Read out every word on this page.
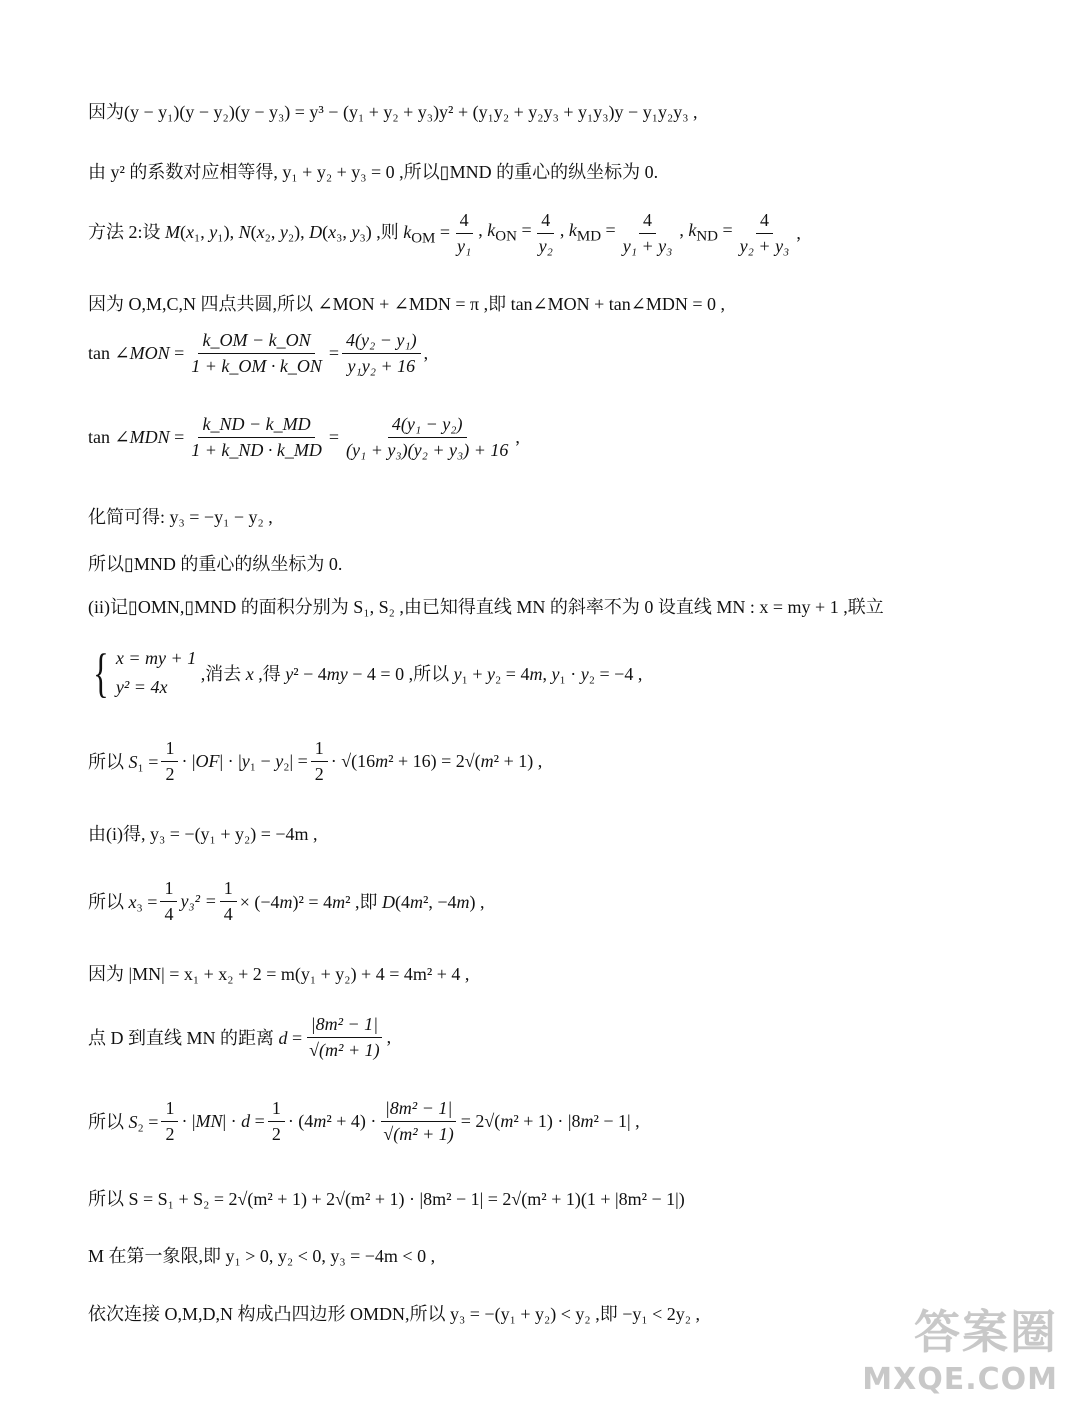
因为(y − y₁)(y − y₂)(y − y₃) = y³ − (y₁ + y₂ + y₃)y² + (y₁y₂ + y₂y₃ + y₁y₃)y − y₁y₂y₃ ,
由 y² 的系数对应相等得, y₁ + y₂ + y₃ = 0 ,所以▯MND 的重心的纵坐标为 0.
方法 2:设 M(x₁, y₁), N(x₂, y₂), D(x₃, y₃) ,则 $k_{OM} = \frac{4}{\text{y₁}}$ , $k_{ON} = \frac{4}{\text{y₂}}$ , $k_{MD} = \frac{4}{\text{y₁ + y₃}}$ , $k_{ND} = \frac{4}{\text{y₂ + y₃}}$ ,
因为 O,M,C,N 四点共圆,所以 ∠MON + ∠MDN = π ,即 tan∠MON + tan∠MDN = 0 ,
tan ∠MON = $\frac{k\_OM - k\_ON}{1 + k\_OM \cdot k\_ON} = \frac{\text{4(y₂ − y₁)}}{\text{y₁y₂ + 16}}$ ,
tan ∠MDN = $\frac{k\_ND - k\_MD}{1 + k\_ND \cdot k\_MD} = \frac{\text{4(y₁ − y₂)}}{\text{(y₁ + y₃)(y₂ + y₃) + 16}}$ ,
化简可得: y₃ = −y₁ − y₂ ,
所以▯MND 的重心的纵坐标为 0.
(ii)记▯OMN,▯MND 的面积分别为 S₁, S₂ ,由已知得直线 MN 的斜率不为 0 设直线 MN : x = my + 1 ,联立
{ x = my + 1
y² = 4x
,消去 x ,得 y² − 4my − 4 = 0 ,所以 y₁ + y₂ = 4m, y₁ · y₂ = −4 ,
所以 $S_1 = \frac{1}{2} \cdot |OF| \cdot |y_1 - y_2| = \frac{1}{2} \cdot √(16m^2 + 16) = 2√(m^2 + 1)$ ,
由(i)得, y₃ = −(y₁ + y₂) = −4m ,
所以 $x_3 = \frac{1}{4} y_3^2 = \frac{1}{4} \times (-4m)^2 = 4m^2$ ,即 D(4m², −4m) ,
因为 |MN| = x₁ + x₂ + 2 = m(y₁ + y₂) + 4 = 4m² + 4 ,
点 D 到直线 MN 的距离 $d = \frac{\text{|8m² − 1|}}{\text{√(m² + 1)}}$ ,
所以 $S_2 = \frac{1}{2} \cdot |MN| \cdot d = \frac{1}{2} \cdot (4m^2 + 4) \cdot \frac{\text{|8m² − 1|}}{\text{√(m² + 1)}} = 2√(m^2 + 1) \cdot |8m^2 - 1|$ ,
所以 S = S₁ + S₂ = 2√(m² + 1) + 2√(m² + 1) · |8m² − 1| = 2√(m² + 1)(1 + |8m² − 1|)
M 在第一象限,即 y₁ > 0, y₂ < 0, y₃ = −4m < 0 ,
依次连接 O,M,D,N 构成凸四边形 OMDN,所以 y₃ = −(y₁ + y₂) < y₂ ,即 −y₁ < 2y₂ ,	答案圈
MXQE.COM
